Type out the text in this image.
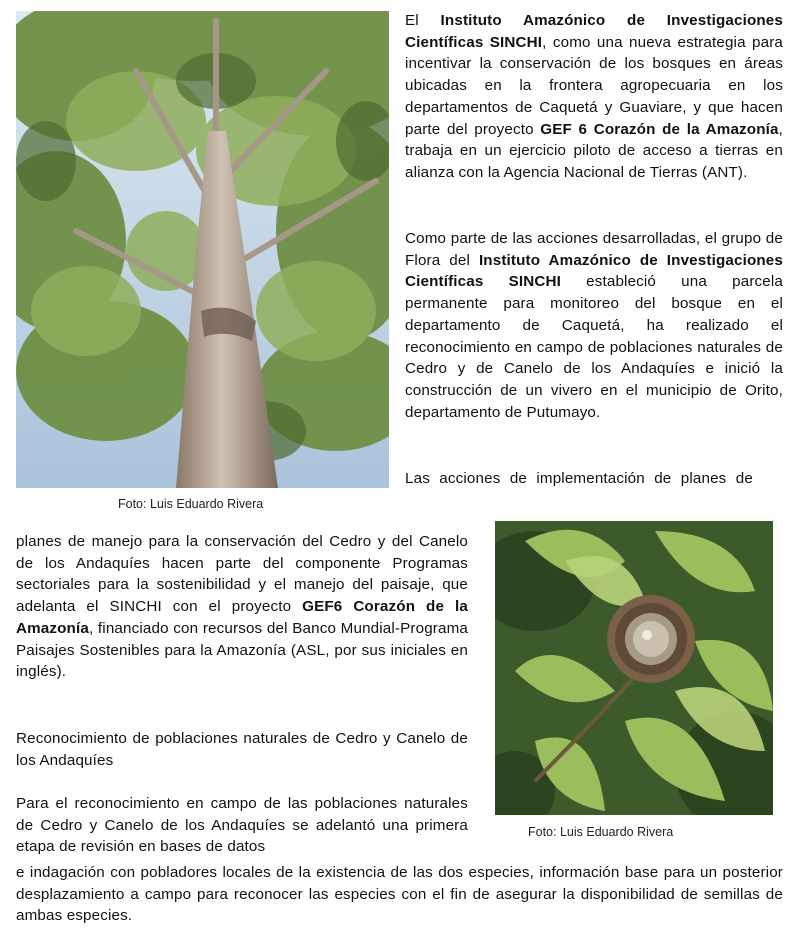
Foto: Luis Eduardo Rivera

El Instituto Amazónico de Investigaciones Científicas SINCHI, como una nueva estrategia para incentivar la conservación de los bosques en áreas ubicadas en la frontera agropecuaria en los departamentos de Caquetá y Guaviare, y que hacen parte del proyecto GEF 6 Corazón de la Amazonía, trabaja en un ejercicio piloto de acceso a tierras en alianza con la Agencia Nacional de Tierras (ANT).

Como parte de las acciones desarrolladas, el grupo de Flora del Instituto Amazónico de Investigaciones Científicas SINCHI estableció una parcela permanente para monitoreo del bosque en el departamento de Caquetá, ha realizado el reconocimiento en campo de poblaciones naturales de Cedro y de Canelo de los Andaquíes e inició la construcción de un vivero en el municipio de Orito, departamento de Putumayo.

Las acciones de implementación de planes de

planes de manejo para la conservación del Cedro y del Canelo de los Andaquíes hacen parte del componente Programas sectoriales para la sostenibilidad y el manejo del paisaje, que adelanta el SINCHI con el proyecto GEF6 Corazón de la Amazonía, financiado con recursos del Banco Mundial-Programa Paisajes Sostenibles para la Amazonía (ASL, por sus iniciales en inglés).

Reconocimiento de poblaciones naturales de Cedro y Canelo de los Andaquíes

Para el reconocimiento en campo de las poblaciones naturales de Cedro y Canelo de los Andaquíes se adelantó una primera etapa de revisión en bases de datos

Foto: Luis Eduardo Rivera

e indagación con pobladores locales de la existencia de las dos especies, información base para un posterior desplazamiento a campo para reconocer las especies con el fin de asegurar la disponibilidad de semillas de ambas especies.
